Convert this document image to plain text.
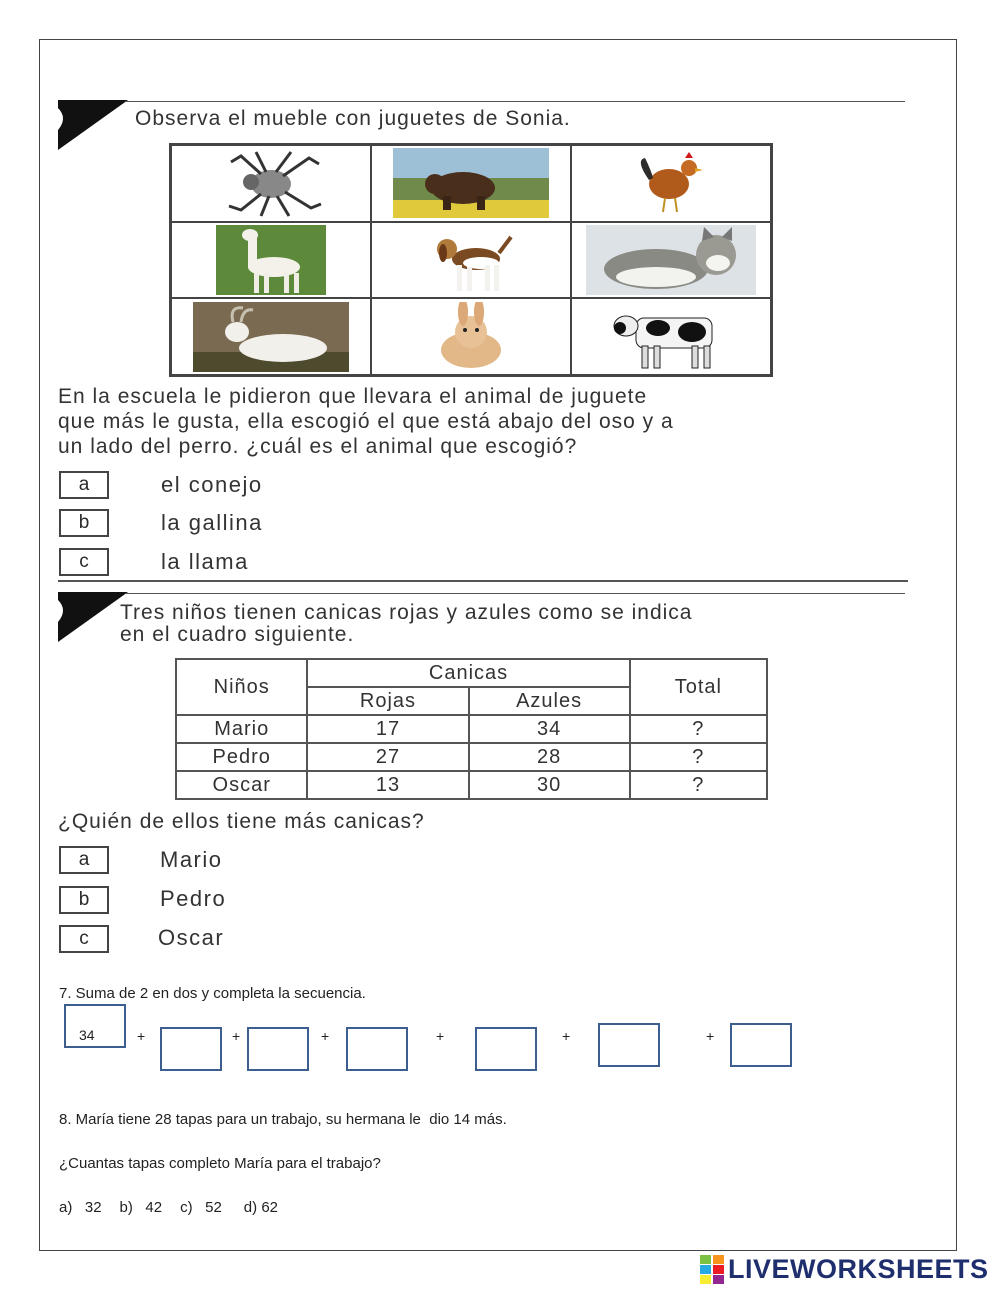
Observa el mueble con juguetes de Sonia.
En la escuela le pidieron que llevara el animal de juguete
que más le gusta, ella escogió el que está abajo del oso y a
un lado del perro. ¿cuál es el animal que escogió?
a	el conejo
b	la gallina
c	la llama
Tres niños tienen canicas rojas y azules como se indica
en el cuadro siguiente.
Niños	Canicas		Total
	Rojas	Azules	
Mario	17	34	?
Pedro	27	28	?
Oscar	13	30	?
¿Quién de ellos tiene más canicas?
a	Mario
b	Pedro
c	Oscar
7. Suma de 2 en dos y completa la secuencia.
34	+	+	+	+	+	+
8. María tiene 28 tapas para un trabajo, su hermana le  dio 14 más.
¿Cuantas tapas completo María para el trabajo?
a) 32 b) 42 c) 52 d) 62
LIVEWORKSHEETS
